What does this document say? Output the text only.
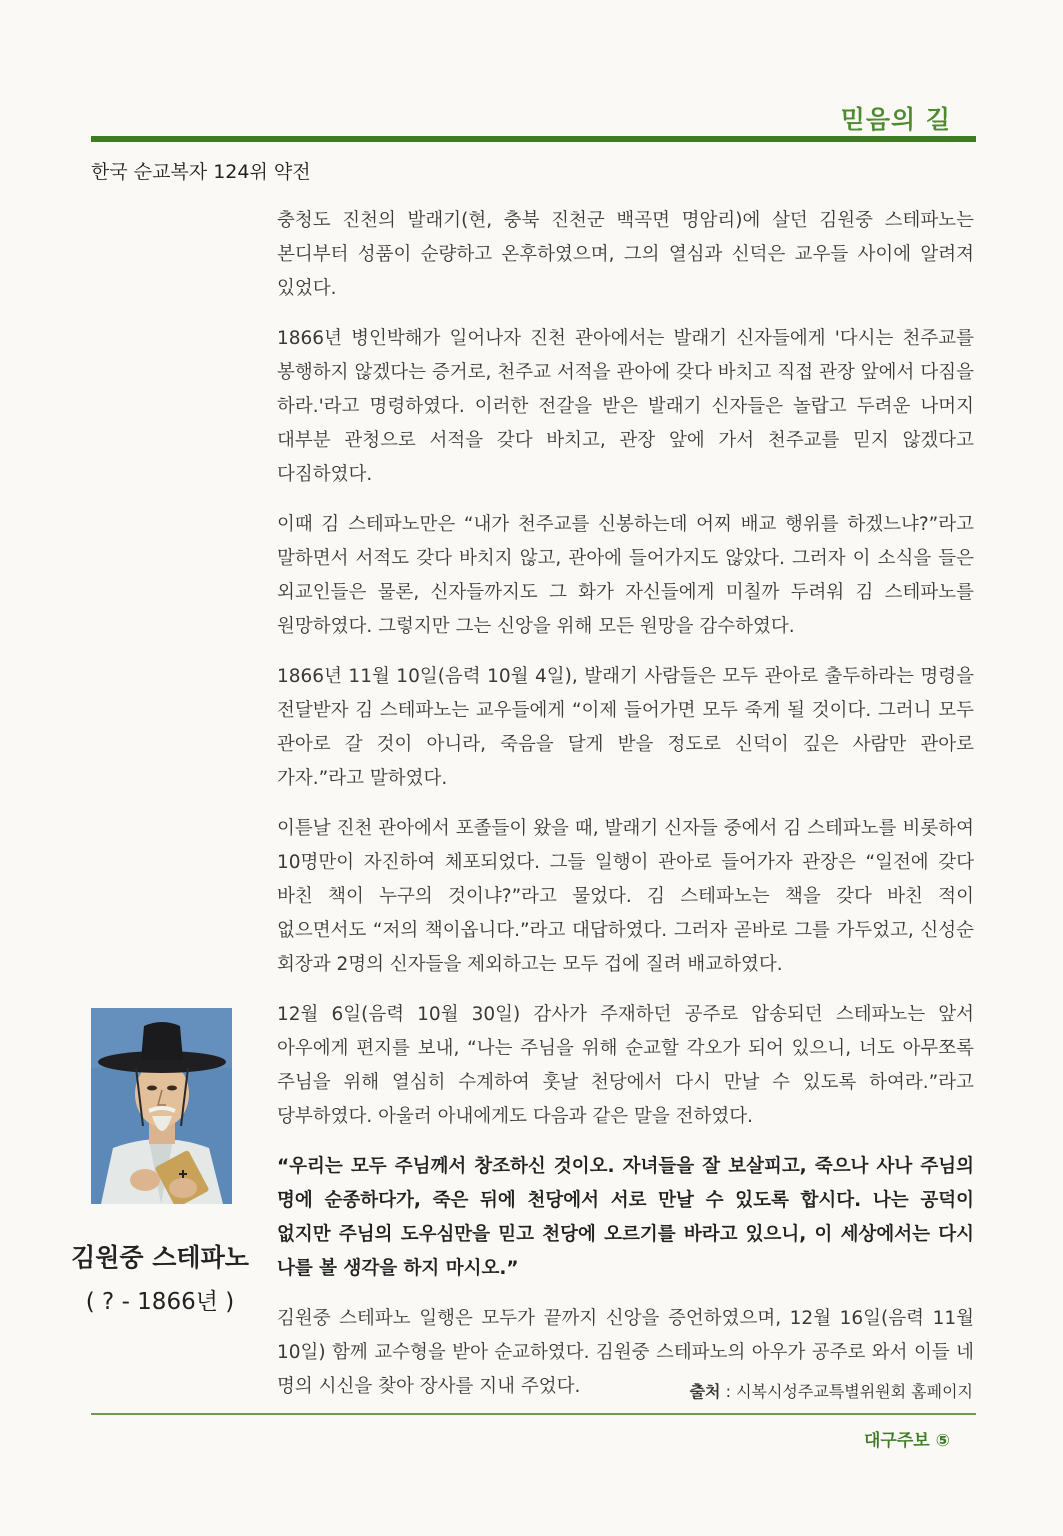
믿음의 길
한국 순교복자 124위 약전

충청도 진천의 발래기(현, 충북 진천군 백곡면 명암리)에 살던 김원중 스테파노는 본디부터 성품이 순량하고 온후하였으며, 그의 열심과 신덕은 교우들 사이에 알려져 있었다.

1866년 병인박해가 일어나자 진천 관아에서는 발래기 신자들에게 '다시는 천주교를 봉행하지 않겠다는 증거로, 천주교 서적을 관아에 갖다 바치고 직접 관장 앞에서 다짐을 하라.'라고 명령하였다. 이러한 전갈을 받은 발래기 신자들은 놀랍고 두려운 나머지 대부분 관청으로 서적을 갖다 바치고, 관장 앞에 가서 천주교를 믿지 않겠다고 다짐하였다.

이때 김 스테파노만은 “내가 천주교를 신봉하는데 어찌 배교 행위를 하겠느냐?”라고 말하면서 서적도 갖다 바치지 않고, 관아에 들어가지도 않았다. 그러자 이 소식을 들은 외교인들은 물론, 신자들까지도 그 화가 자신들에게 미칠까 두려워 김 스테파노를 원망하였다. 그렇지만 그는 신앙을 위해 모든 원망을 감수하였다.

1866년 11월 10일(음력 10월 4일), 발래기 사람들은 모두 관아로 출두하라는 명령을 전달받자 김 스테파노는 교우들에게 “이제 들어가면 모두 죽게 될 것이다. 그러니 모두 관아로 갈 것이 아니라, 죽음을 달게 받을 정도로 신덕이 깊은 사람만 관아로 가자.”라고 말하였다.

이튿날 진천 관아에서 포졸들이 왔을 때, 발래기 신자들 중에서 김 스테파노를 비롯하여 10명만이 자진하여 체포되었다. 그들 일행이 관아로 들어가자 관장은 “일전에 갖다 바친 책이 누구의 것이냐?”라고 물었다. 김 스테파노는 책을 갖다 바친 적이 없으면서도 “저의 책이옵니다.”라고 대답하였다. 그러자 곧바로 그를 가두었고, 신성순 회장과 2명의 신자들을 제외하고는 모두 겁에 질려 배교하였다.

12월 6일(음력 10월 30일) 감사가 주재하던 공주로 압송되던 스테파노는 앞서 아우에게 편지를 보내, “나는 주님을 위해 순교할 각오가 되어 있으니, 너도 아무쪼록 주님을 위해 열심히 수계하여 훗날 천당에서 다시 만날 수 있도록 하여라.”라고 당부하였다. 아울러 아내에게도 다음과 같은 말을 전하였다.

“우리는 모두 주님께서 창조하신 것이오. 자녀들을 잘 보살피고, 죽으나 사나 주님의 명에 순종하다가, 죽은 뒤에 천당에서 서로 만날 수 있도록 합시다. 나는 공덕이 없지만 주님의 도우심만을 믿고 천당에 오르기를 바라고 있으니, 이 세상에서는 다시 나를 볼 생각을 하지 마시오.”

김원중 스테파노 일행은 모두가 끝까지 신앙을 증언하였으며, 12월 16일(음력 11월 10일) 함께 교수형을 받아 순교하였다. 김원중 스테파노의 아우가 공주로 와서 이들 네 명의 시신을 찾아 장사를 지내 주었다.

김원중 스테파노
( ? - 1866년 )
출처 : 시복시성주교특별위원회 홈페이지
대구주보 ⑤
